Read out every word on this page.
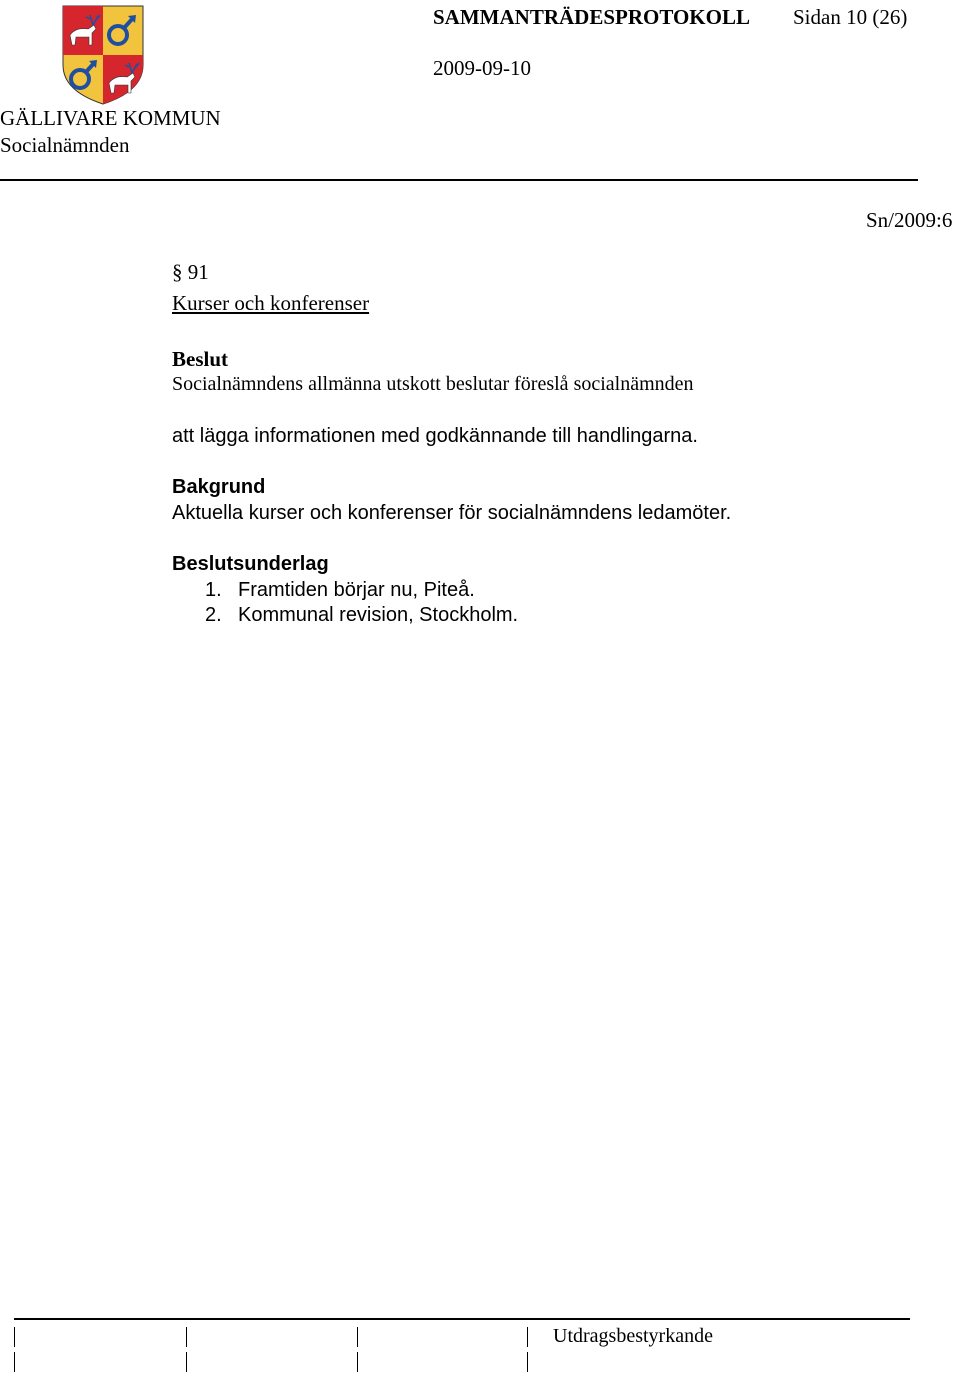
GÄLLIVARE KOMMUN
Socialnämnden
SAMMANTRÄDESPROTOKOLL Sidan 10 (26)
2009-09-10
Sn/2009:6
§ 91
Kurser och konferenser
Beslut
Socialnämndens allmänna utskott beslutar föreslå socialnämnden
att lägga informationen med godkännande till handlingarna.
Bakgrund
Aktuella kurser och konferenser för socialnämndens ledamöter.
Beslutsunderlag
1. Framtiden börjar nu, Piteå.
2. Kommunal revision, Stockholm.
Utdragsbestyrkande
